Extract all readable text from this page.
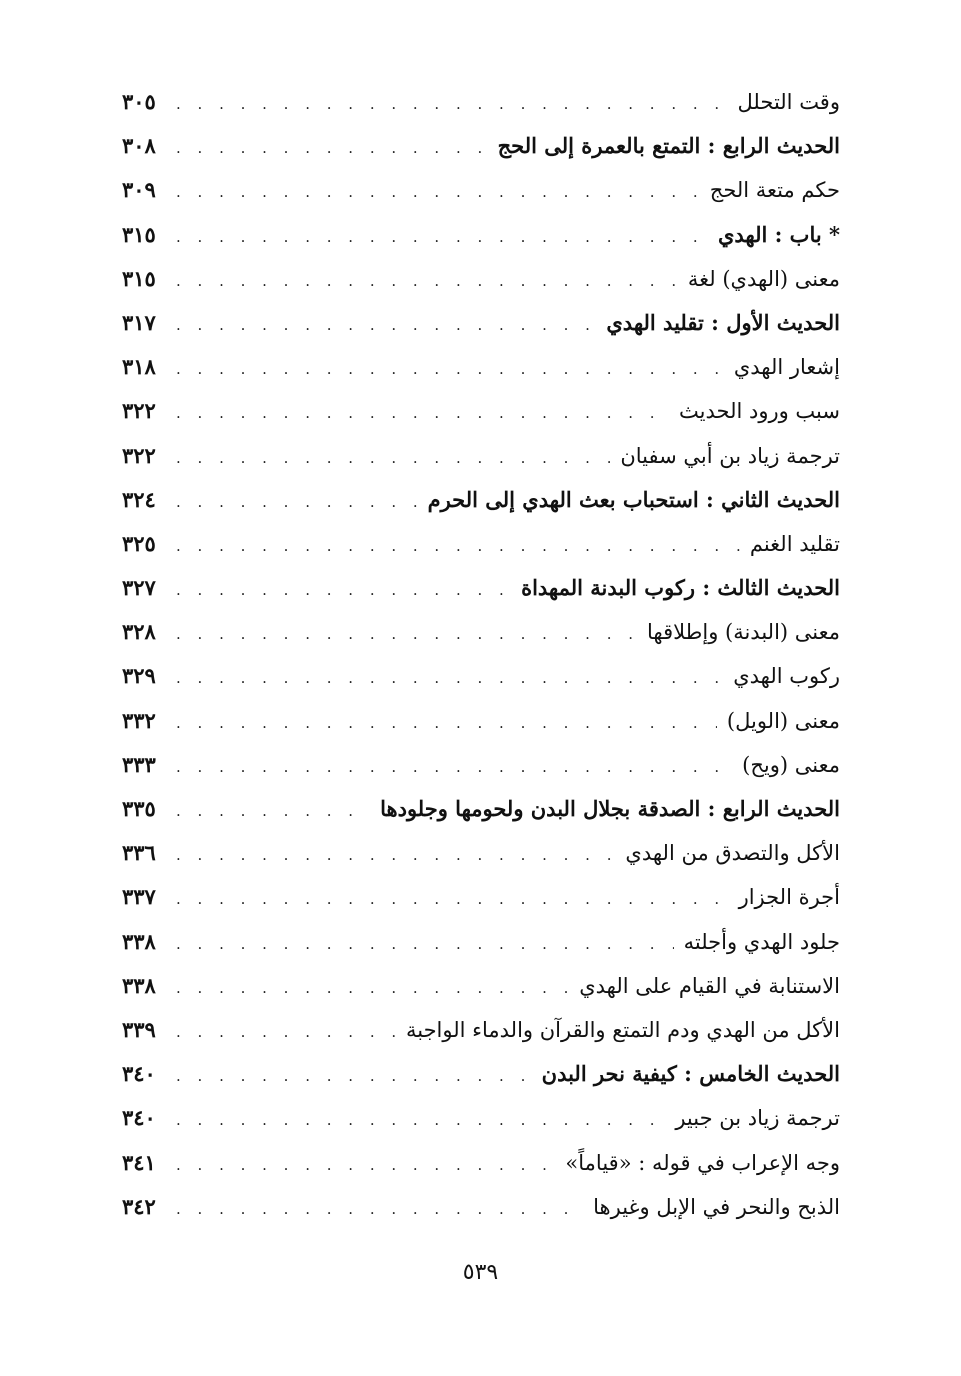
وقت التحلل
. . .
٣٠٥
الحديث الرابع : التمتع بالعمرة إلى الحج
. . .
٣٠٨
حكم متعة الحج
. . .
٣٠٩
* باب : الهدي
. . .
٣١٥
معنى (الهدي) لغة
. . .
٣١٥
الحديث الأول : تقليد الهدي
. . .
٣١٧
إشعار الهدي
. . .
٣١٨
سبب ورود الحديث
. . .
٣٢٢
ترجمة زياد بن أبي سفيان
. . .
٣٢٢
الحديث الثاني : استحباب بعث الهدي إلى الحرم
. . .
٣٢٤
تقليد الغنم
. . .
٣٢٥
الحديث الثالث : ركوب البدنة المهداة
. . .
٣٢٧
معنى (البدنة) وإطلاقها
. . .
٣٢٨
ركوب الهدي
. . .
٣٢٩
معنى (الويل)
. . .
٣٣٢
معنى (ويح)
. . .
٣٣٣
الحديث الرابع : الصدقة بجلال البدن ولحومها وجلودها
. . .
٣٣٥
الأكل والتصدق من الهدي
. . .
٣٣٦
أجرة الجزار
. . .
٣٣٧
جلود الهدي وأجلته
. . .
٣٣٨
الاستنابة في القيام على الهدي
. . .
٣٣٨
الأكل من الهدي ودم التمتع والقرآن والدماء الواجبة
. . .
٣٣٩
الحديث الخامس : كيفية نحر البدن
. . .
٣٤٠
ترجمة زياد بن جبير
. . .
٣٤٠
وجه الإعراب في قوله : «قياماً»
. . .
٣٤١
الذبح والنحر في الإبل وغيرها
. . .
٣٤٢
٥٣٩
